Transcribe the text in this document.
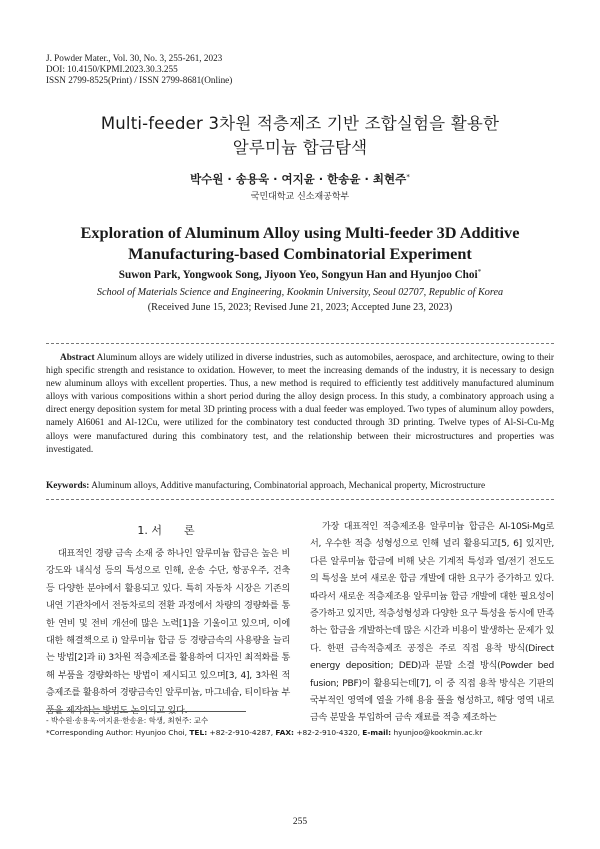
J. Powder Mater., Vol. 30, No. 3, 255-261, 2023
DOI: 10.4150/KPMI.2023.30.3.255
ISSN 2799-8525(Print) / ISSN 2799-8681(Online)
Multi-feeder 3차원 적층제조 기반 조합실험을 활용한
알루미늄 합금탐색
박수원 · 송용욱 · 여지윤 · 한송윤 · 최현주*
국민대학교 신소재공학부
Exploration of Aluminum Alloy using Multi-feeder 3D Additive
Manufacturing-based Combinatorial Experiment
Suwon Park, Yongwook Song, Jiyoon Yeo, Songyun Han and Hyunjoo Choi*
School of Materials Science and Engineering, Kookmin University, Seoul 02707, Republic of Korea
(Received June 15, 2023; Revised June 21, 2023; Accepted June 23, 2023)
Abstract Aluminum alloys are widely utilized in diverse industries, such as automobiles, aerospace, and architecture, owing to their high specific strength and resistance to oxidation. However, to meet the increasing demands of the industry, it is necessary to design new aluminum alloys with excellent properties. Thus, a new method is required to efficiently test additively manufactured aluminum alloys with various compositions within a short period during the alloy design process. In this study, a combinatory approach using a direct energy deposition system for metal 3D printing process with a dual feeder was employed. Two types of aluminum alloy powders, namely Al6061 and Al-12Cu, were utilized for the combinatory test conducted through 3D printing. Twelve types of Al-Si-Cu-Mg alloys were manufactured during this combinatory test, and the relationship between their microstructures and properties was investigated.
Keywords: Aluminum alloys, Additive manufacturing, Combinatorial approach, Mechanical property, Microstructure
1. 서　　론
대표적인 경량 금속 소재 중 하나인 알루미늄 합금은 높은 비강도와 내식성 등의 특성으로 인해, 운송 수단, 항공우주, 건축 등 다양한 분야에서 활용되고 있다. 특히 자동차 시장은 기존의 내연 기관차에서 전동차로의 전환 과정에서 차량의 경량화를 통한 연비 및 전비 개선에 많은 노력[1]을 기울이고 있으며, 이에 대한 해결책으로 i) 알루미늄 합금 등 경량금속의 사용량을 늘리는 방법[2]과 ii) 3차원 적층제조를 활용하여 디자인 최적화를 통해 부품을 경량화하는 방법이 제시되고 있으며[3, 4], 3차원 적층제조를 활용하여 경량금속인 알루미늄, 마그네슘, 티이타늄 부품을 제작하는 방법도 논의되고 있다.
가장 대표적인 적층제조용 알루미늄 합금은 Al-10Si-Mg로서, 우수한 적층 성형성으로 인해 널리 활용되고[5, 6] 있지만, 다른 알루미늄 합금에 비해 낮은 기계적 특성과 열/전기 전도도의 특성을 보여 새로운 합금 개발에 대한 요구가 증가하고 있다. 따라서 새로운 적층제조용 알루미늄 합금 개발에 대한 필요성이 증가하고 있지만, 적층성형성과 다양한 요구 특성을 동시에 만족하는 합금을 개발하는데 많은 시간과 비용이 발생하는 문제가 있다. 한편 금속적층제조 공정은 주로 직접 용착 방식(Direct energy deposition; DED)과 분말 소결 방식(Powder bed fusion; PBF)이 활용되는데[7], 이 중 직접 용착 방식은 기판의 국부적인 영역에 열을 가해 용융 풀을 형성하고, 해당 영역 내로 금속 분말을 투입하여 금속 재료를 적층 제조하는
- 박수원·송용욱·여지윤·한송윤: 학생, 최현주: 교수
*Corresponding Author: Hyunjoo Choi, TEL: +82-2-910-4287, FAX: +82-2-910-4320, E-mail: hyunjoo@kookmin.ac.kr
255
